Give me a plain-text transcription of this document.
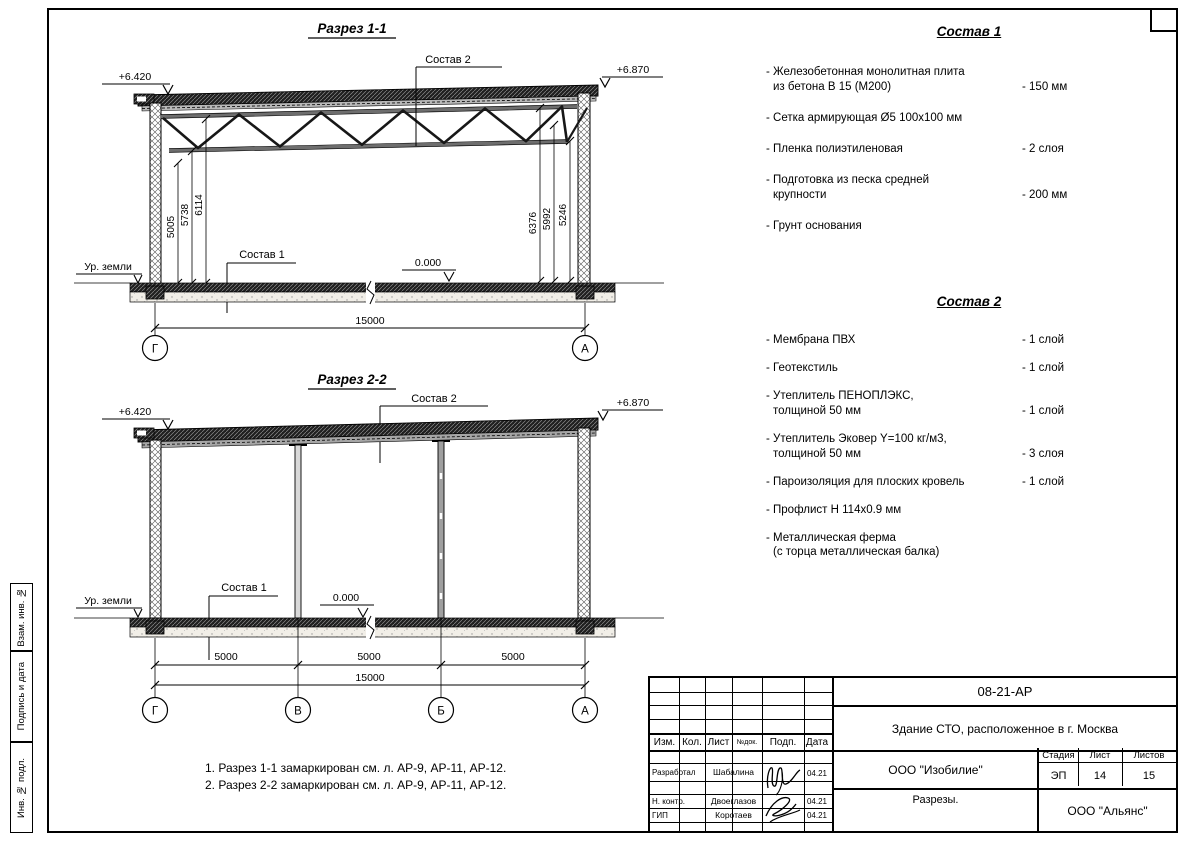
Взам. инв. №
Подпись и дата
Инв. № подл.
Разрез 1-1
Состав 2
+6.420
+6.870
5005
5738 6114
6376 5992 5246
Ур. земли
Состав 1
0.000
15000
Г	А
Разрез 2-2
Состав 2
+6.420
+6.870
Состав 1
0.000
Ур. земли
5000	5000	5000
15000
Г	В	Б	А
Состав 1
- Железобетонная монолитная плита
из бетона В 15 (М200)	- 150 мм
- Сетка армирующая Ø5 100х100 мм
- Пленка полиэтиленовая	- 2 слоя
- Подготовка из песка средней
крупности	- 200 мм
- Грунт основания
Состав 2
- Мембрана ПВХ	- 1 слой
- Геотекстиль	- 1 слой
- Утеплитель ПЕНОПЛЭКС,
толщиной 50 мм	- 1 слой
- Утеплитель Эковер Y=100 кг/м3,
толщиной 50 мм	- 3 слоя
- Пароизоляция для плоских кровель	- 1 слой
- Профлист Н 114х0.9 мм
- Металлическая ферма
(с торца металлическая балка)
1. Разрез 1-1 замаркирован см. л. АР-9, АР-11, АР-12.
2. Разрез 2-2 замаркирован см. л. АР-9, АР-11, АР-12.
Изм. Кол. Лист	№док.	Подп. Дата
Разработал	Шабалина	04.21
Н. контр.	Двоеглазов	04.21
ГИП	Коротаев	04.21
08-21-АР
Здание СТО, расположенное в г. Москва
ООО "Изобилие"
Разрезы.
Стадия	Лист	Листов
ЭП	14	15
ООО "Альянс"
